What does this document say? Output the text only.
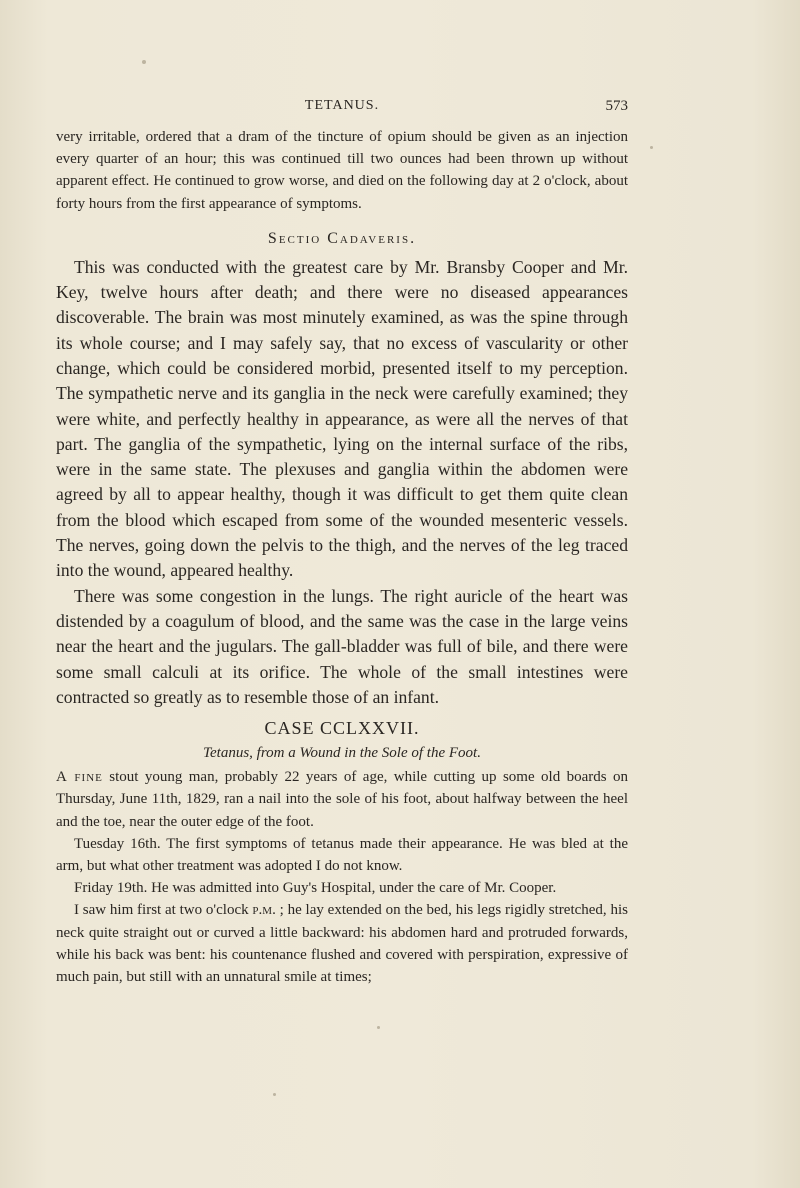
TETANUS.	573

very irritable, ordered that a dram of the tincture of opium should be given as an injection every quarter of an hour; this was continued till two ounces had been thrown up without apparent effect. He continued to grow worse, and died on the following day at 2 o'clock, about forty hours from the first appearance of symptoms.

Sectio Cadaveris.

This was conducted with the greatest care by Mr. Bransby Cooper and Mr. Key, twelve hours after death; and there were no diseased appearances discoverable. The brain was most minutely examined, as was the spine through its whole course; and I may safely say, that no excess of vascularity or other change, which could be considered morbid, presented itself to my perception. The sympathetic nerve and its ganglia in the neck were carefully examined; they were white, and perfectly healthy in appearance, as were all the nerves of that part. The ganglia of the sympathetic, lying on the internal surface of the ribs, were in the same state. The plexuses and ganglia within the abdomen were agreed by all to appear healthy, though it was difficult to get them quite clean from the blood which escaped from some of the wounded mesenteric vessels. The nerves, going down the pelvis to the thigh, and the nerves of the leg traced into the wound, appeared healthy.

There was some congestion in the lungs. The right auricle of the heart was distended by a coagulum of blood, and the same was the case in the large veins near the heart and the jugulars. The gall-bladder was full of bile, and there were some small calculi at its orifice. The whole of the small intestines were contracted so greatly as to resemble those of an infant.

CASE CCLXXVII.
Tetanus, from a Wound in the Sole of the Foot.

A fine stout young man, probably 22 years of age, while cutting up some old boards on Thursday, June 11th, 1829, ran a nail into the sole of his foot, about halfway between the heel and the toe, near the outer edge of the foot.

Tuesday 16th. The first symptoms of tetanus made their appearance. He was bled at the arm, but what other treatment was adopted I do not know.

Friday 19th. He was admitted into Guy's Hospital, under the care of Mr. Cooper.

I saw him first at two o'clock p.m. ; he lay extended on the bed, his legs rigidly stretched, his neck quite straight out or curved a little backward: his abdomen hard and protruded forwards, while his back was bent: his countenance flushed and covered with perspiration, expressive of much pain, but still with an unnatural smile at times;
